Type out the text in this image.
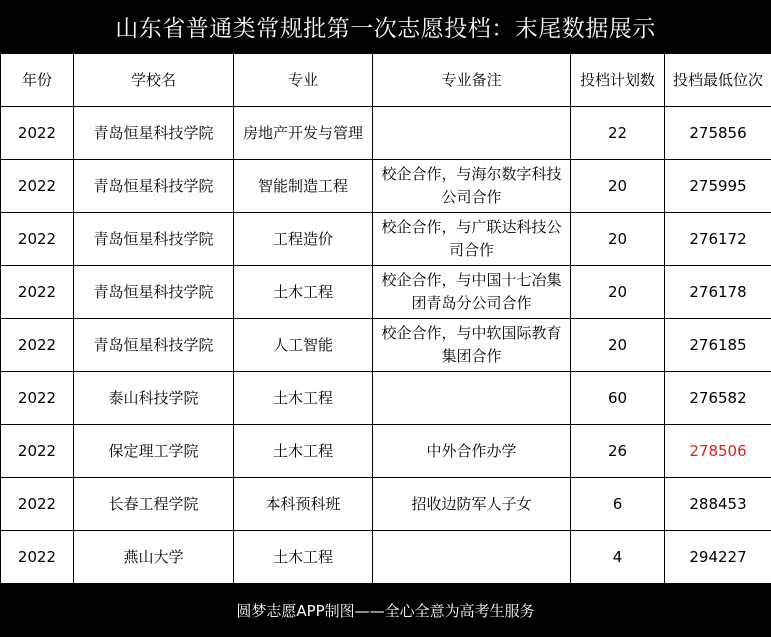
山东省普通类常规批第一次志愿投档：末尾数据展示
年份	学校名	专业	专业备注	投档计划数	投档最低位次
2022	青岛恒星科技学院	房地产开发与管理		22	275856
2022	青岛恒星科技学院	智能制造工程	校企合作，与海尔数字科技公司合作	20	275995
2022	青岛恒星科技学院	工程造价	校企合作，与广联达科技公司合作	20	276172
2022	青岛恒星科技学院	土木工程	校企合作，与中国十七冶集团青岛分公司合作	20	276178
2022	青岛恒星科技学院	人工智能	校企合作，与中软国际教育集团合作	20	276185
2022	泰山科技学院	土木工程		60	276582
2022	保定理工学院	土木工程	中外合作办学	26	278506
2022	长春工程学院	本科预科班	招收边防军人子女	6	288453
2022	燕山大学	土木工程		4	294227
圆梦志愿APP制图——全心全意为高考生服务
